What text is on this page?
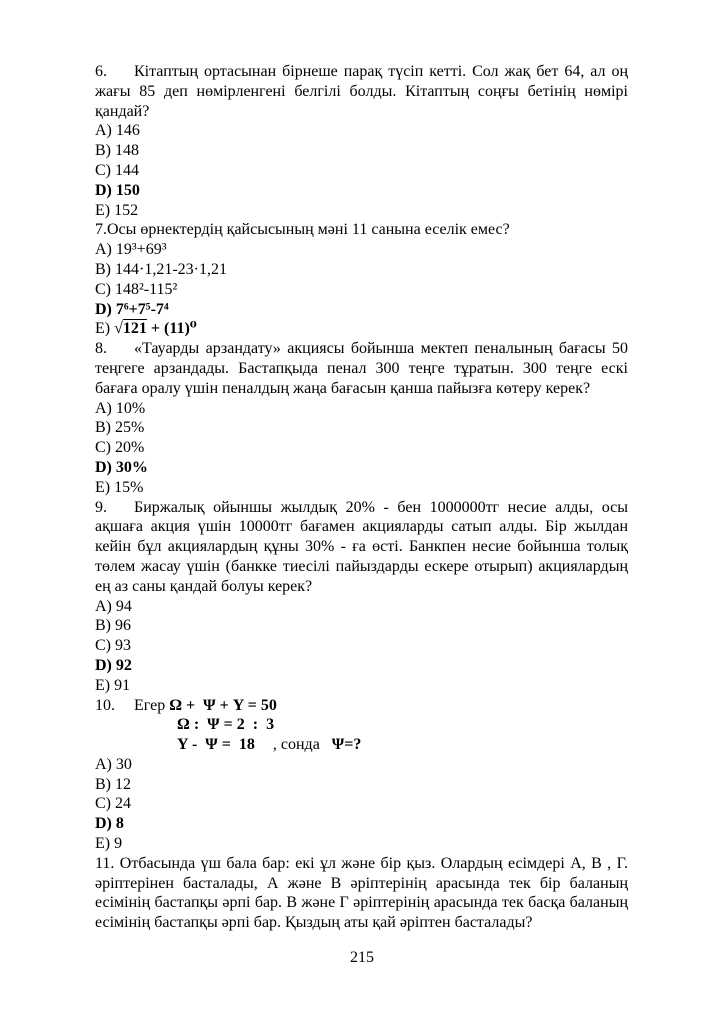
6. Кітаптың ортасынан бірнеше парақ түсіп кетті. Сол жақ бет 64, ал оң жағы 85 деп нөмірленгені белгілі болды. Кітаптың соңғы бетінің нөмірі қандай?

A) 146
B) 148
C) 144
D) 150
E) 152

7.Осы өрнектердің қайсысының мәні 11 санына еселік емес?

A) 19³+69³
B) 144·1,21-23·1,21
C) 148²-115²
D) 7⁶+7⁵-7⁴
E) √121 + (11)⁰

8. «Тауарды арзандату» акциясы бойынша мектеп пеналының бағасы 50 теңгеге арзандады. Бастапқыда пенал 300 теңге тұратын. 300 теңге ескі бағаға оралу үшін пеналдың жаңа бағасын қанша пайызға көтеру керек?

A) 10%
B) 25%
C) 20%
D) 30%
E) 15%

9. Биржалық ойыншы жылдық 20% - бен 1000000тг несие алды, осы ақшаға акция үшін 10000тг бағамен акцияларды сатып алды. Бір жылдан кейін бұл акциялардың құны 30% - ға өсті. Банкпен несие бойынша толық төлем жасау үшін (банкке тиесілі пайыздарды ескере отырып) акциялардың ең аз саны қандай болуы керек?

A) 94
B) 96
C) 93
D) 92
E) 91

10. Егер Ω +  Ψ + Y = 50

Ω :  Ψ = 2  :  3

Y -  Ψ =  18 , сонда Ψ=?

A) 30
B) 12
C) 24
D) 8
E) 9

11. Отбасында үш бала бар: екі ұл және бір қыз. Олардың есімдері А, В , Г. әріптерінен басталады, А және В әріптерінің арасында тек бір баланың есімінің бастапқы әрпі бар. В және Г әріптерінің арасында тек басқа баланың есімінің бастапқы әрпі бар. Қыздың аты қай әріптен басталады?

215
